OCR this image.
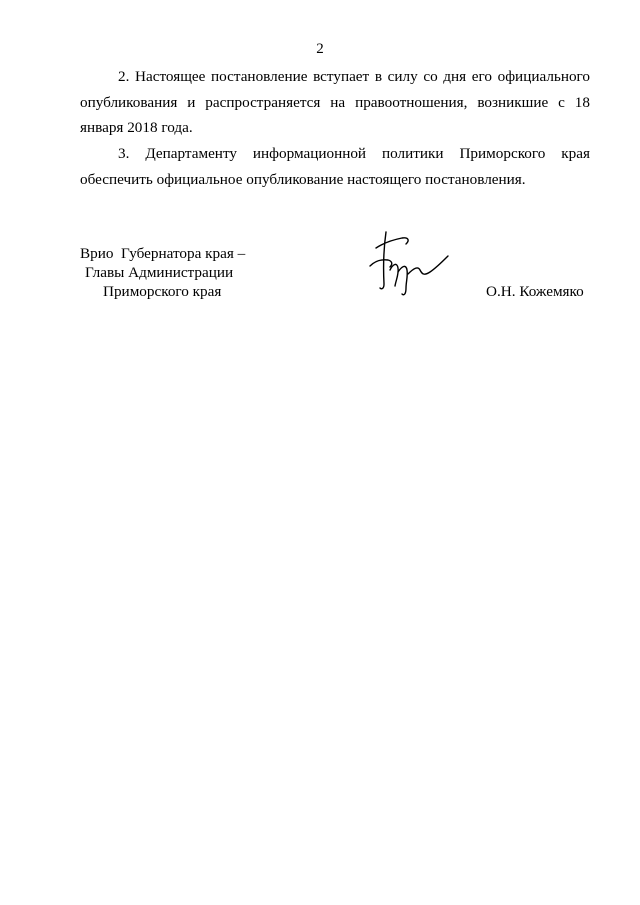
2
2. Настоящее постановление вступает в силу со дня его официального опубликования и распространяется на правоотношения, возникшие с 18 января 2018 года.
3. Департаменту информационной политики Приморского края обеспечить официальное опубликование настоящего постановления.
Врио  Губернатора края –
Главы Администрации
Приморского края	О.Н. Кожемяко
